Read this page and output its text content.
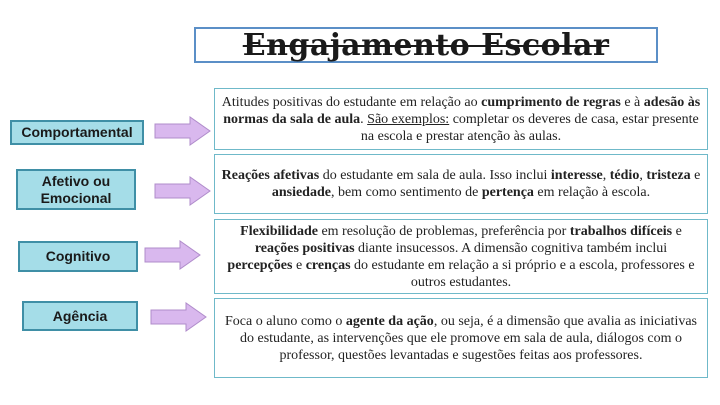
Engajamento Escolar
Comportamental

Atitudes positivas do estudante em relação ao cumprimento de regras e à adesão às normas da sala de aula. São exemplos: completar os deveres de casa, estar presente na escola e prestar atenção às aulas.

Afetivo ou Emocional

Reações afetivas do estudante em sala de aula. Isso inclui interesse, tédio, tristeza e ansiedade, bem como sentimento de pertença em relação à escola.

Cognitivo

Flexibilidade em resolução de problemas, preferência por trabalhos difíceis e reações positivas diante insucessos. A dimensão cognitiva também inclui percepções e crenças do estudante em relação a si próprio e a escola, professores e outros estudantes.

Agência	Foca o aluno como o agente da ação, ou seja, é a dimensão que avalia as iniciativas do estudante, as intervenções que ele promove em sala de aula, diálogos com o professor, questões levantadas e sugestões feitas aos professores.
